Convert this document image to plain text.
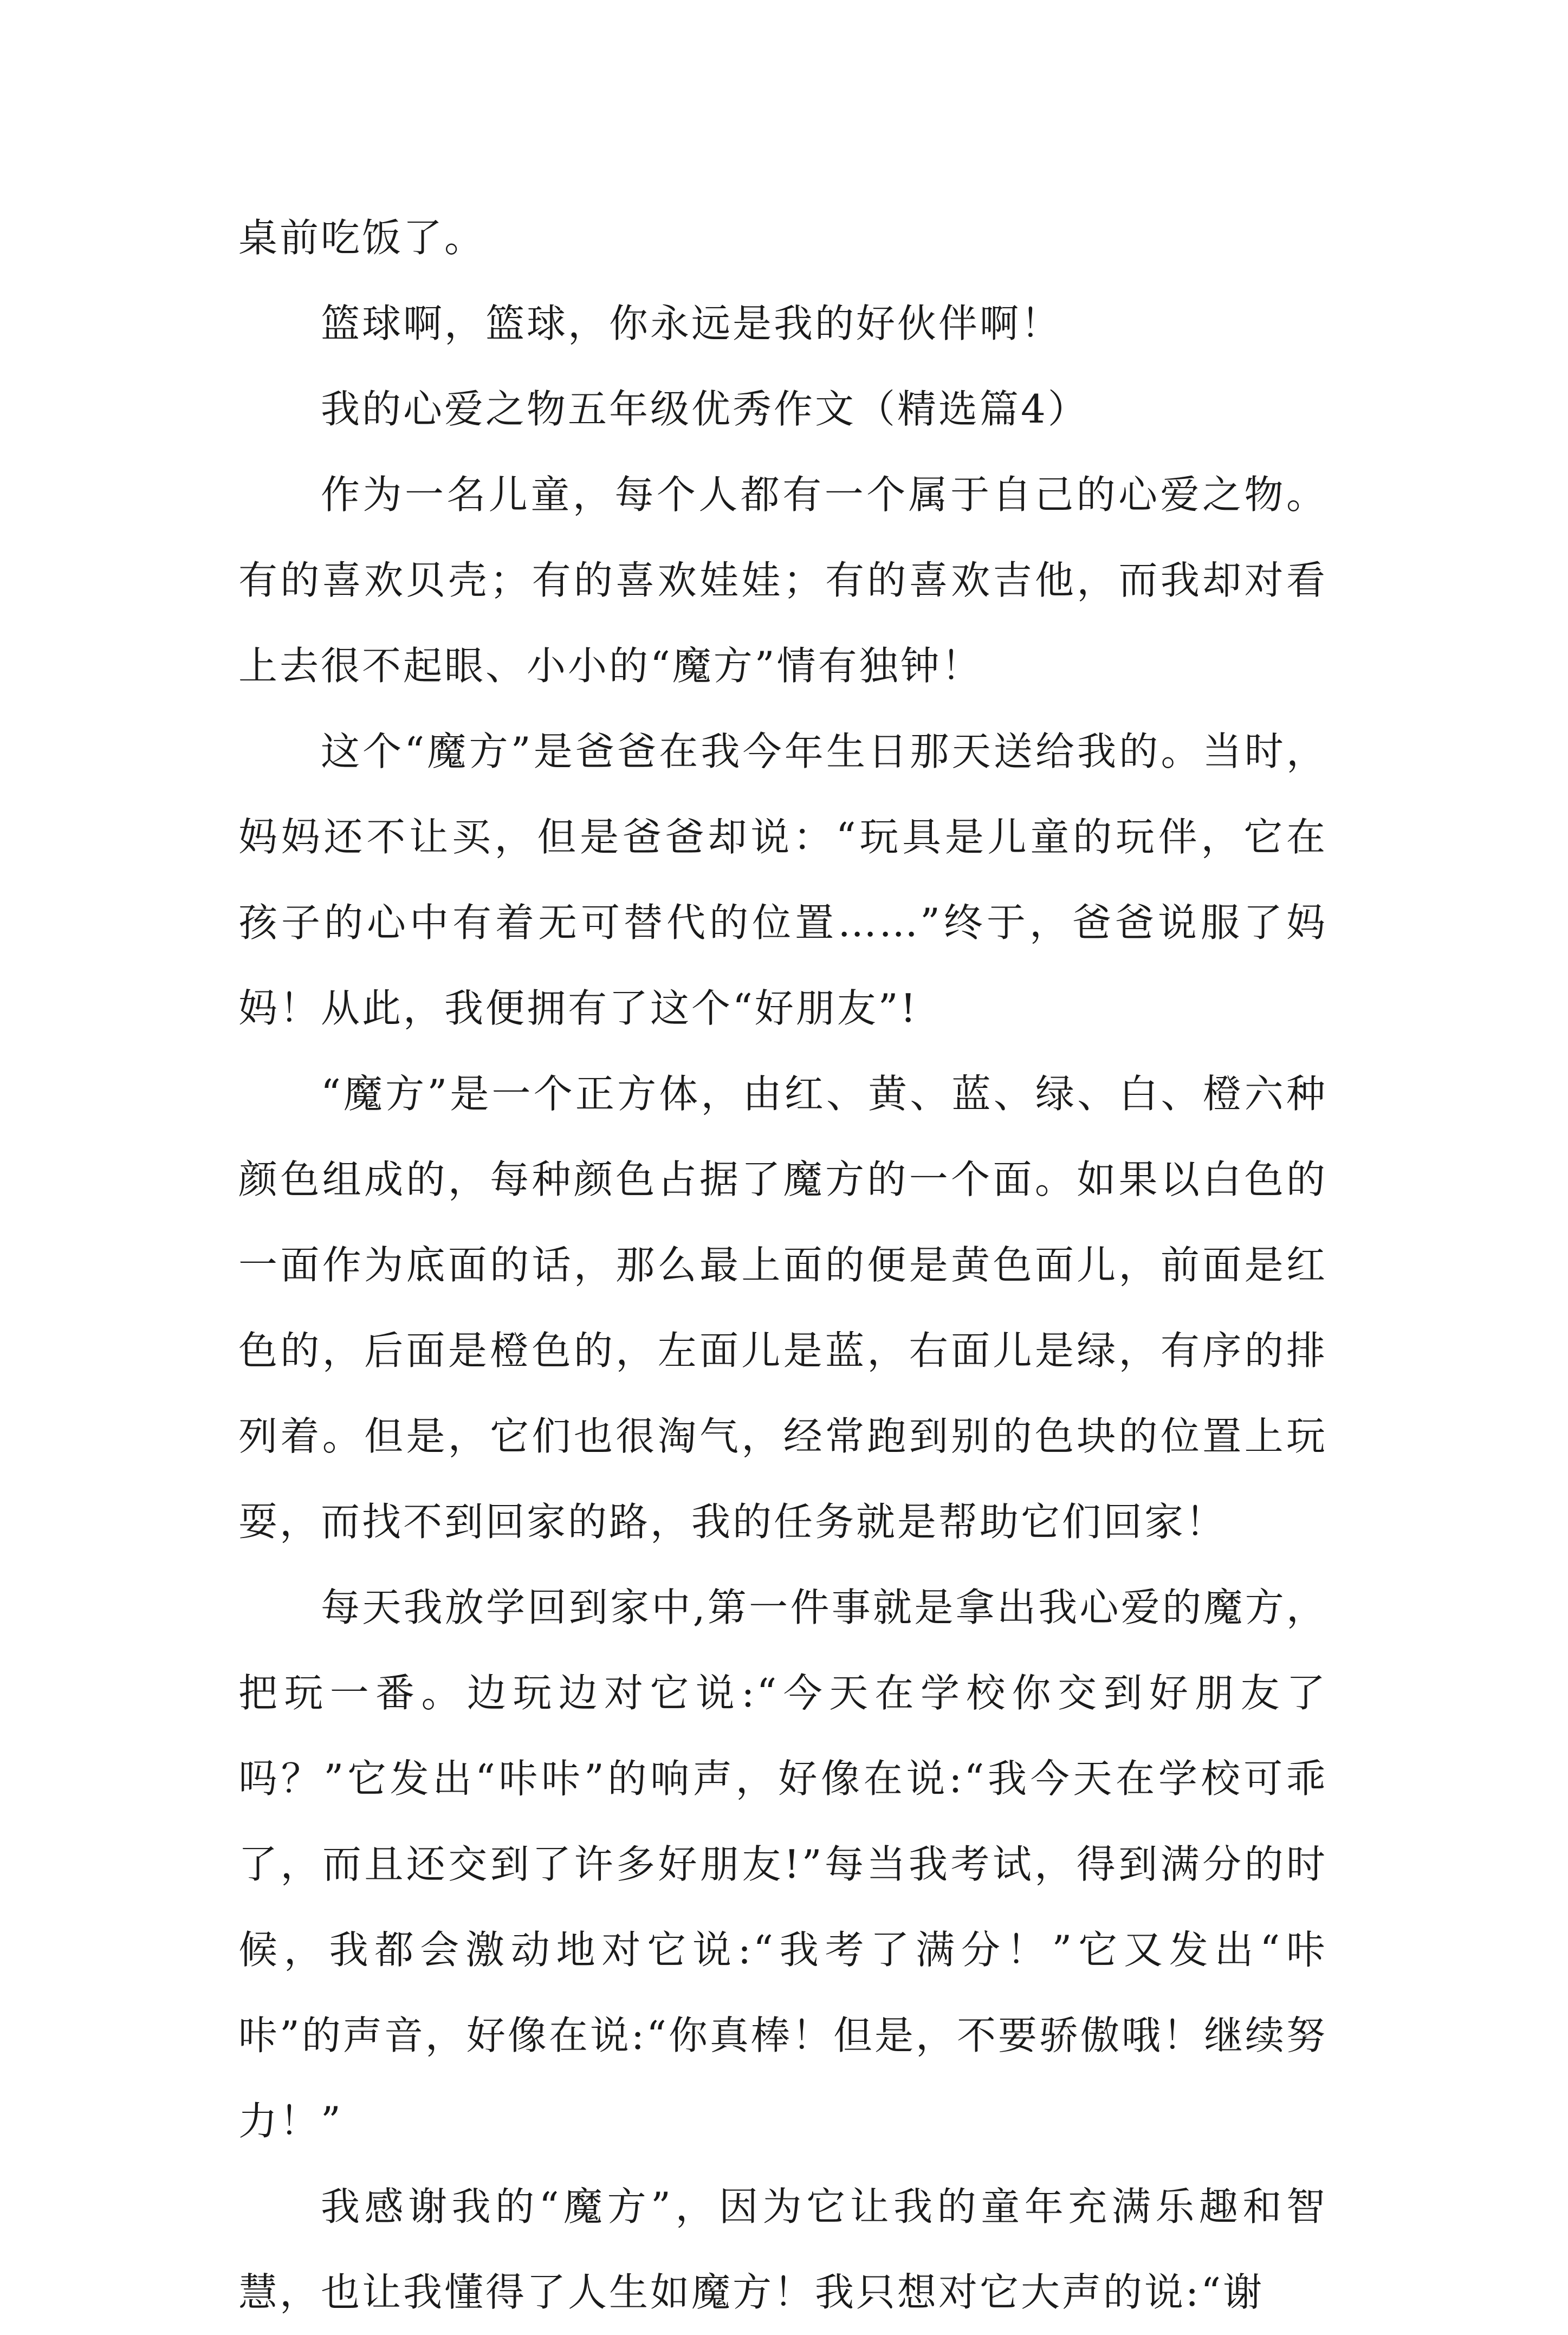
桌前吃饭了。

篮球啊，篮球，你永远是我的好伙伴啊！

我的心爱之物五年级优秀作文（精选篇4）

作为一名儿童，每个人都有一个属于自己的心爱之物。有的喜欢贝壳；有的喜欢娃娃；有的喜欢吉他，而我却对看上去很不起眼、小小的“魔方”情有独钟！

这个“魔方”是爸爸在我今年生日那天送给我的。当时，妈妈还不让买，但是爸爸却说：“玩具是儿童的玩伴，它在孩子的心中有着无可替代的位置……”终于，爸爸说服了妈妈！从此，我便拥有了这个“好朋友”!

“魔方”是一个正方体，由红、黄、蓝、绿、白、橙六种颜色组成的，每种颜色占据了魔方的一个面。如果以白色的一面作为底面的话，那么最上面的便是黄色面儿，前面是红色的，后面是橙色的，左面儿是蓝，右面儿是绿，有序的排列着。但是，它们也很淘气，经常跑到别的色块的位置上玩耍，而找不到回家的路，我的任务就是帮助它们回家！

每天我放学回到家中,第一件事就是拿出我心爱的魔方，把玩一番。边玩边对它说:“今天在学校你交到好朋友了吗？”它发出“咔咔”的响声，好像在说:“我今天在学校可乖了，而且还交到了许多好朋友!”每当我考试，得到满分的时候，我都会激动地对它说:“我考了满分！”它又发出“咔咔”的声音，好像在说:“你真棒！但是，不要骄傲哦！继续努力！”

我感谢我的“魔方”，因为它让我的童年充满乐趣和智慧，也让我懂得了人生如魔方！我只想对它大声的说:“谢
